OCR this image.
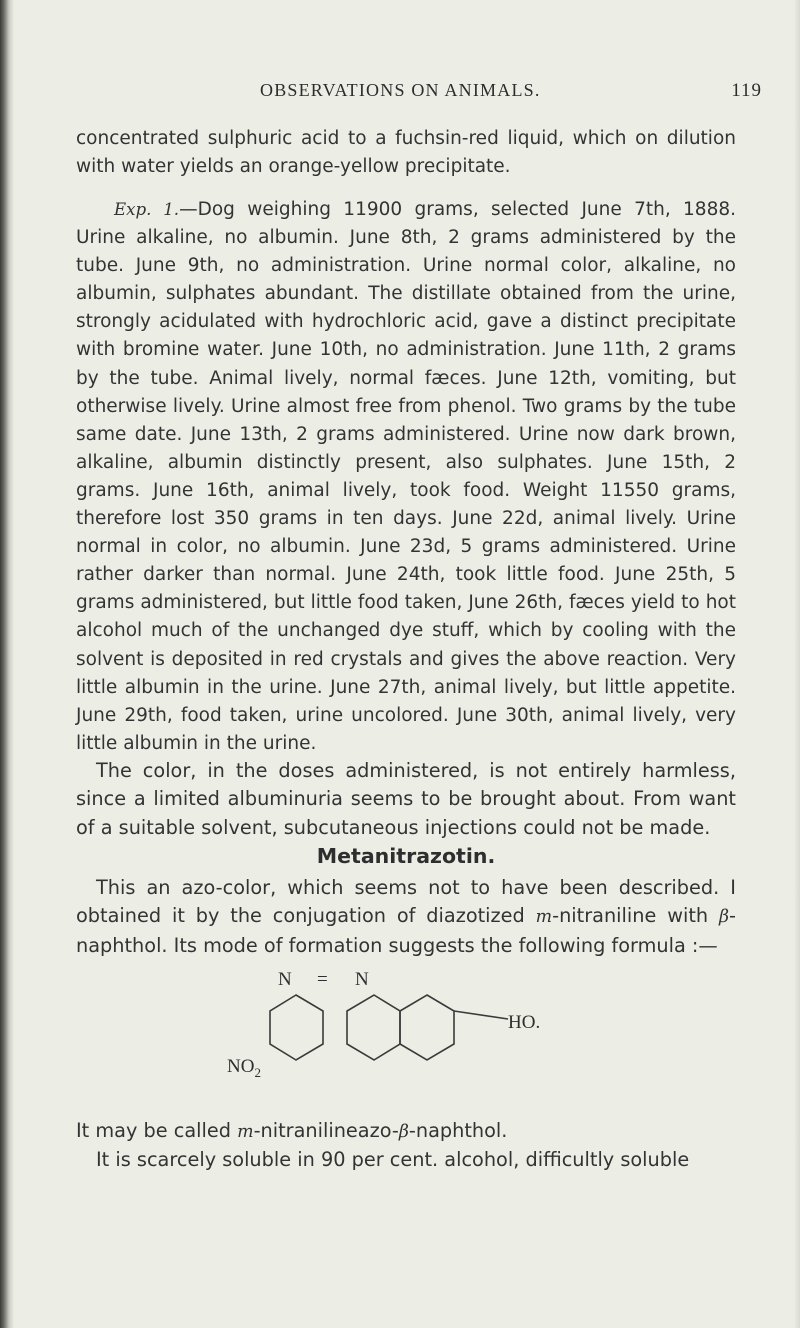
OBSERVATIONS ON ANIMALS.	119
concentrated sulphuric acid to a fuchsin-red liquid, which on dilution with water yields an orange-yellow precipitate.
Exp. 1.—Dog weighing 11900 grams, selected June 7th, 1888. Urine alkaline, no albumin. June 8th, 2 grams administered by the tube. June 9th, no administration. Urine normal color, alkaline, no albumin, sulphates abundant. The distillate obtained from the urine, strongly acidulated with hydrochloric acid, gave a distinct precipitate with bromine water. June 10th, no administration. June 11th, 2 grams by the tube. Animal lively, normal fæces. June 12th, vomiting, but otherwise lively. Urine almost free from phenol. Two grams by the tube same date. June 13th, 2 grams administered. Urine now dark brown, alkaline, albumin distinctly present, also sulphates. June 15th, 2 grams. June 16th, animal lively, took food. Weight 11550 grams, therefore lost 350 grams in ten days. June 22d, animal lively. Urine normal in color, no albumin. June 23d, 5 grams administered. Urine rather darker than normal. June 24th, took little food. June 25th, 5 grams administered, but little food taken, June 26th, fæces yield to hot alcohol much of the unchanged dye stuff, which by cooling with the solvent is deposited in red crystals and gives the above reaction. Very little albumin in the urine. June 27th, animal lively, but little appetite. June 29th, food taken, urine uncolored. June 30th, animal lively, very little albumin in the urine.
The color, in the doses administered, is not entirely harmless, since a limited albuminuria seems to be brought about. From want of a suitable solvent, subcutaneous injections could not be made.
Metanitrazotin.
This an azo-color, which seems not to have been described. I obtained it by the conjugation of diazotized m-nitraniline with β-naphthol. Its mode of formation suggests the following formula :—
N = N
HO.
$NO_2$
It may be called m-nitranilineazo-β-naphthol.
It is scarcely soluble in 90 per cent. alcohol, difficultly soluble
